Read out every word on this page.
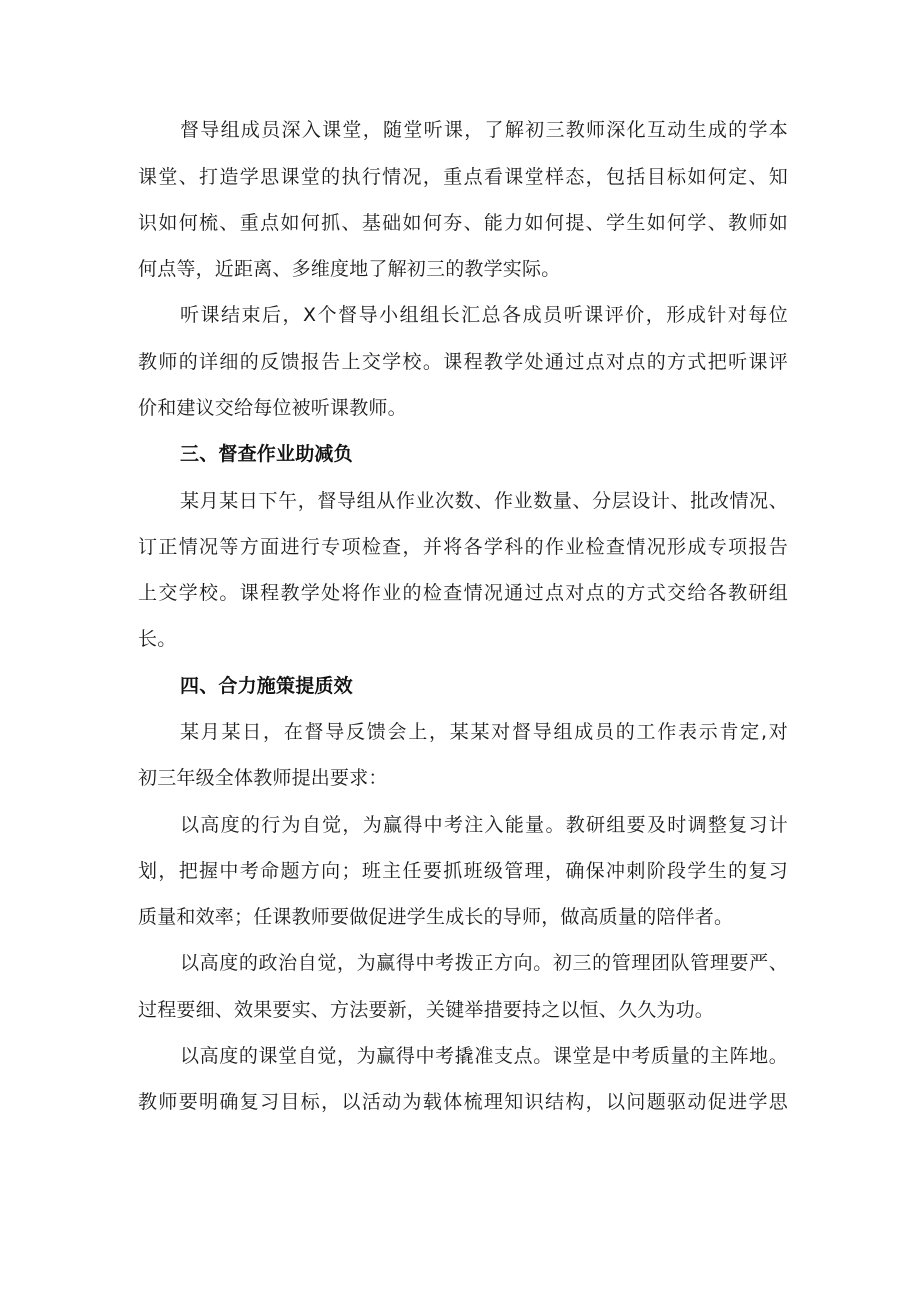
督导组成员深入课堂，随堂听课，了解初三教师深化互动生成的学本
课堂、打造学思课堂的执行情况，重点看课堂样态，包括目标如何定、知
识如何梳、重点如何抓、基础如何夯、能力如何提、学生如何学、教师如
何点等，近距离、多维度地了解初三的教学实际。
听课结束后，X个督导小组组长汇总各成员听课评价，形成针对每位
教师的详细的反馈报告上交学校。课程教学处通过点对点的方式把听课评
价和建议交给每位被听课教师。
三、督查作业助减负
某月某日下午，督导组从作业次数、作业数量、分层设计、批改情况、
订正情况等方面进行专项检查，并将各学科的作业检查情况形成专项报告
上交学校。课程教学处将作业的检查情况通过点对点的方式交给各教研组
长。
四、合力施策提质效
某月某日，在督导反馈会上，某某对督导组成员的工作表示肯定,对
初三年级全体教师提出要求：
以高度的行为自觉，为赢得中考注入能量。教研组要及时调整复习计
划，把握中考命题方向；班主任要抓班级管理，确保冲刺阶段学生的复习
质量和效率；任课教师要做促进学生成长的导师，做高质量的陪伴者。
以高度的政治自觉，为赢得中考拨正方向。初三的管理团队管理要严、
过程要细、效果要实、方法要新，关键举措要持之以恒、久久为功。
以高度的课堂自觉，为赢得中考撬准支点。课堂是中考质量的主阵地。
教师要明确复习目标，以活动为载体梳理知识结构，以问题驱动促进学思
